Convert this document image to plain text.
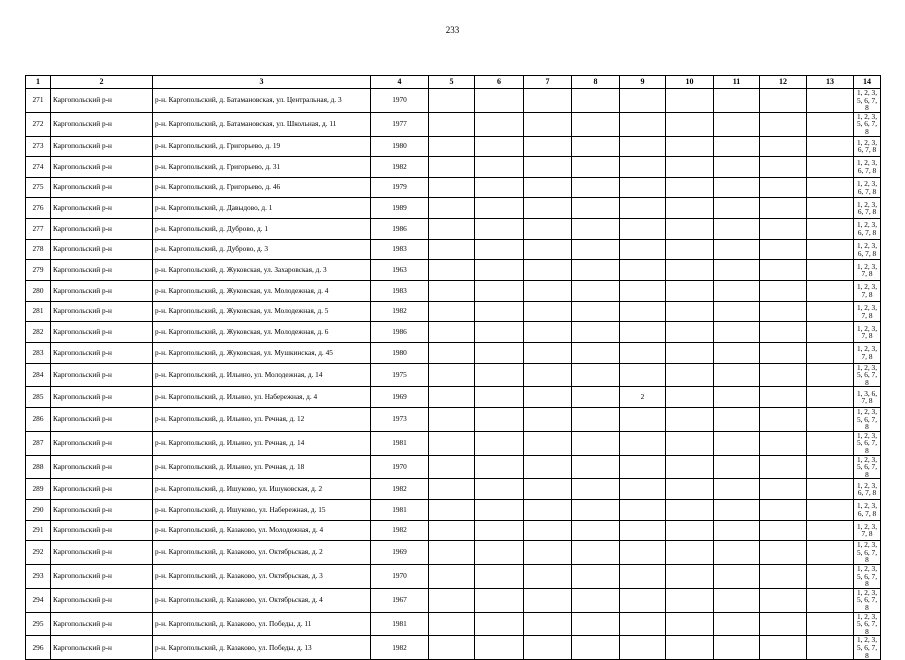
233
1	2	3	4	5	6	7	8	9	10	11	12	13	14
271	Каргопольский р-н	р-н. Каргопольский, д. Батамановская, ул. Центральная, д. 3	1970										1, 2, 3, 5, 6, 7, 8
272	Каргопольский р-н	р-н. Каргопольский, д. Батамановская, ул. Школьная, д. 11	1977										1, 2, 3, 5, 6, 7, 8
273	Каргопольский р-н	р-н. Каргопольский, д. Григорьево, д. 19	1980										1, 2, 3, 6, 7, 8
274	Каргопольский р-н	р-н. Каргопольский, д. Григорьево, д. 31	1982										1, 2, 3, 6, 7, 8
275	Каргопольский р-н	р-н. Каргопольский, д. Григорьево, д. 46	1979										1, 2, 3, 6, 7, 8
276	Каргопольский р-н	р-н. Каргопольский, д. Давыдово, д. 1	1989										1, 2, 3, 6, 7, 8
277	Каргопольский р-н	р-н. Каргопольский, д. Дуброво, д. 1	1986										1, 2, 3, 6, 7, 8
278	Каргопольский р-н	р-н. Каргопольский, д. Дуброво, д. 3	1983										1, 2, 3, 6, 7, 8
279	Каргопольский р-н	р-н. Каргопольский, д. Жуковская, ул. Захаровская, д. 3	1963										1, 2, 3, 7, 8
280	Каргопольский р-н	р-н. Каргопольский, д. Жуковская, ул. Молодежная, д. 4	1983										1, 2, 3, 7, 8
281	Каргопольский р-н	р-н. Каргопольский, д. Жуковская, ул. Молодежная, д. 5	1982										1, 2, 3, 7, 8
282	Каргопольский р-н	р-н. Каргопольский, д. Жуковская, ул. Молодежная, д. 6	1986										1, 2, 3, 7, 8
283	Каргопольский р-н	р-н. Каргопольский, д. Жуковская, ул. Мушкинская, д. 45	1980										1, 2, 3, 7, 8
284	Каргопольский р-н	р-н. Каргопольский, д. Ильино, ул. Молодежная, д. 14	1975										1, 2, 3, 5, 6, 7, 8
285	Каргопольский р-н	р-н. Каргопольский, д. Ильино, ул. Набережная, д. 4	1969					2					1, 3, 6, 7, 8
286	Каргопольский р-н	р-н. Каргопольский, д. Ильино, ул. Речная, д. 12	1973										1, 2, 3, 5, 6, 7, 8
287	Каргопольский р-н	р-н. Каргопольский, д. Ильино, ул. Речная, д. 14	1981										1, 2, 3, 5, 6, 7, 8
288	Каргопольский р-н	р-н. Каргопольский, д. Ильино, ул. Речная, д. 18	1970										1, 2, 3, 5, 6, 7, 8
289	Каргопольский р-н	р-н. Каргопольский, д. Ишуково, ул. Ишуковская, д. 2	1982										1, 2, 3, 6, 7, 8
290	Каргопольский р-н	р-н. Каргопольский, д. Ишуково, ул. Набережная, д. 15	1981										1, 2, 3, 6, 7, 8
291	Каргопольский р-н	р-н. Каргопольский, д. Казаково, ул. Молодежная, д. 4	1982										1, 2, 3, 7, 8
292	Каргопольский р-н	р-н. Каргопольский, д. Казаково, ул. Октябрьская, д. 2	1969										1, 2, 3, 5, 6, 7, 8
293	Каргопольский р-н	р-н. Каргопольский, д. Казаково, ул. Октябрьская, д. 3	1970										1, 2, 3, 5, 6, 7, 8
294	Каргопольский р-н	р-н. Каргопольский, д. Казаково, ул. Октябрьская, д. 4	1967										1, 2, 3, 5, 6, 7, 8
295	Каргопольский р-н	р-н. Каргопольский, д. Казаково, ул. Победы, д. 11	1981										1, 2, 3, 5, 6, 7, 8
296	Каргопольский р-н	р-н. Каргопольский, д. Казаково, ул. Победы, д. 13	1982										1, 2, 3, 5, 6, 7, 8
